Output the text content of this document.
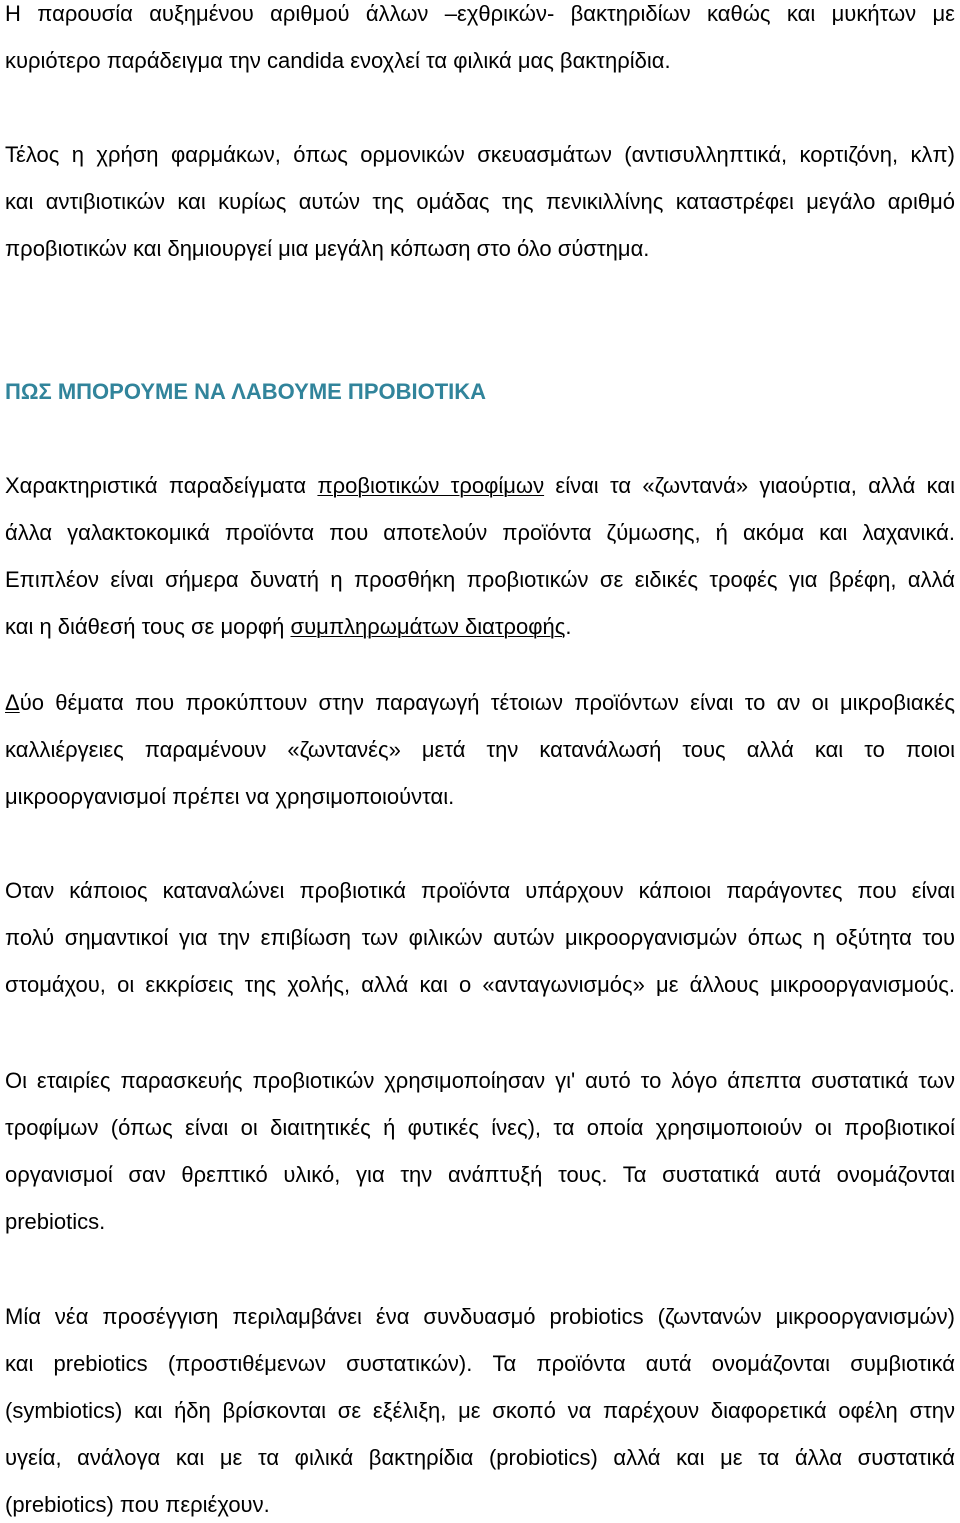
Η παρουσία αυξημένου αριθμού άλλων –εχθρικών- βακτηριδίων καθώς και μυκήτων με
κυριότερο παράδειγμα την candida ενοχλεί τα φιλικά μας βακτηρίδια.
Τέλος η χρήση φαρμάκων, όπως ορμονικών σκευασμάτων (αντισυλληπτικά, κορτιζόνη, κλπ)
και αντιβιοτικών και κυρίως αυτών της ομάδας της πενικιλλίνης καταστρέφει μεγάλο αριθμό
προβιοτικών και δημιουργεί μια μεγάλη κόπωση στο όλο σύστημα.
ΠΩΣ ΜΠΟΡΟΥΜΕ ΝΑ ΛΑΒΟΥΜΕ ΠΡΟΒΙΟΤΙΚΑ
Χαρακτηριστικά παραδείγματα προβιοτικών τροφίμων είναι τα «ζωντανά» γιαούρτια, αλλά και
άλλα γαλακτοκομικά προϊόντα που αποτελούν προϊόντα ζύμωσης, ή ακόμα και λαχανικά.
Επιπλέον είναι σήμερα δυνατή η προσθήκη προβιοτικών σε ειδικές τροφές για βρέφη, αλλά
και η διάθεσή τους σε μορφή συμπληρωμάτων διατροφής.
Δύο θέματα που προκύπτουν στην παραγωγή τέτοιων προϊόντων είναι το αν οι μικροβιακές
καλλιέργειες παραμένουν «ζωντανές» μετά την κατανάλωσή τους αλλά και το ποιοι
μικροοργανισμοί πρέπει να χρησιμοποιούνται.
Οταν κάποιος καταναλώνει προβιοτικά προϊόντα υπάρχουν κάποιοι παράγοντες που είναι
πολύ σημαντικοί για την επιβίωση των φιλικών αυτών μικροοργανισμών όπως η οξύτητα του
στομάχου, οι εκκρίσεις της χολής, αλλά και ο «ανταγωνισμός» με άλλους μικροοργανισμούς.
Οι εταιρίες παρασκευής προβιοτικών χρησιμοποίησαν γι' αυτό το λόγο άπεπτα συστατικά των
τροφίμων (όπως είναι οι διαιτητικές ή φυτικές ίνες), τα οποία χρησιμοποιούν οι προβιοτικοί
οργανισμοί σαν θρεπτικό υλικό, για την ανάπτυξή τους. Τα συστατικά αυτά ονομάζονται
prebiotics.
Μία νέα προσέγγιση περιλαμβάνει ένα συνδυασμό probiotics (ζωντανών μικροοργανισμών)
και prebiotics (προστιθέμενων συστατικών). Τα προϊόντα αυτά ονομάζονται συμβιοτικά
(symbiotics) και ήδη βρίσκονται σε εξέλιξη, με σκοπό να παρέχουν διαφορετικά οφέλη στην
υγεία, ανάλογα και με τα φιλικά βακτηρίδια (probiotics) αλλά και με τα άλλα συστατικά
(prebiotics) που περιέχουν.
